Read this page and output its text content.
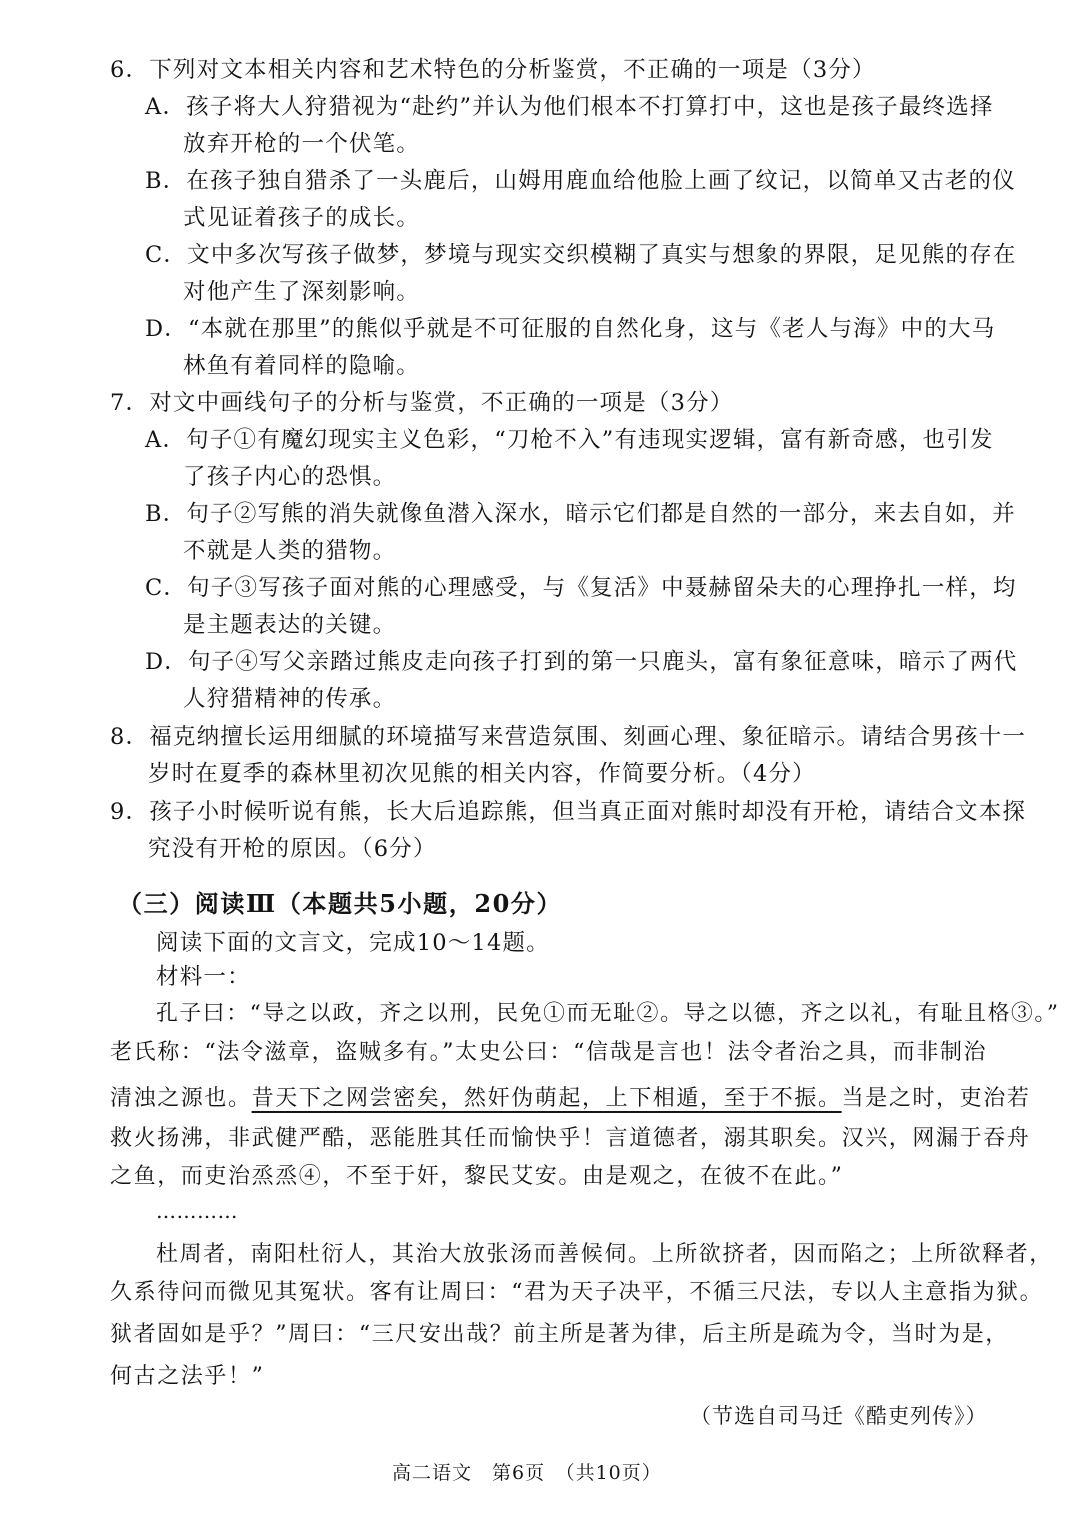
6．下列对文本相关内容和艺术特色的分析鉴赏，不正确的一项是（3分）
A．孩子将大人狩猎视为“赴约”并认为他们根本不打算打中，这也是孩子最终选择
放弃开枪的一个伏笔。
B．在孩子独自猎杀了一头鹿后，山姆用鹿血给他脸上画了纹记，以简单又古老的仪
式见证着孩子的成长。
C．文中多次写孩子做梦，梦境与现实交织模糊了真实与想象的界限，足见熊的存在
对他产生了深刻影响。
D．“本就在那里”的熊似乎就是不可征服的自然化身，这与《老人与海》中的大马
林鱼有着同样的隐喻。
7．对文中画线句子的分析与鉴赏，不正确的一项是（3分）
A．句子①有魔幻现实主义色彩，“刀枪不入”有违现实逻辑，富有新奇感，也引发
了孩子内心的恐惧。
B．句子②写熊的消失就像鱼潜入深水，暗示它们都是自然的一部分，来去自如，并
不就是人类的猎物。
C．句子③写孩子面对熊的心理感受，与《复活》中聂赫留朵夫的心理挣扎一样，均
是主题表达的关键。
D．句子④写父亲踏过熊皮走向孩子打到的第一只鹿头，富有象征意味，暗示了两代
人狩猎精神的传承。
8．福克纳擅长运用细腻的环境描写来营造氛围、刻画心理、象征暗示。请结合男孩十一
岁时在夏季的森林里初次见熊的相关内容，作简要分析。（4分）
9．孩子小时候听说有熊，长大后追踪熊，但当真正面对熊时却没有开枪，请结合文本探
究没有开枪的原因。（6分）
（三）阅读Ⅲ（本题共5小题，20分）
阅读下面的文言文，完成10～14题。
材料一：
孔子曰：“导之以政，齐之以刑，民免①而无耻②。导之以德，齐之以礼，有耻且格③。”
老氏称：“法令滋章，盗贼多有。”太史公曰：“信哉是言也！法令者治之具，而非制治
清浊之源也。昔天下之网尝密矣，然奸伪萌起，上下相遁，至于不振。当是之时，吏治若
救火扬沸，非武健严酷，恶能胜其任而愉快乎！言道德者，溺其职矣。汉兴，网漏于吞舟
之鱼，而吏治烝烝④，不至于奸，黎民艾安。由是观之，在彼不在此。”
…………
杜周者，南阳杜衍人，其治大放张汤而善候伺。上所欲挤者，因而陷之；上所欲释者，
久系待问而微见其冤状。客有让周曰：“君为天子决平，不循三尺法，专以人主意指为狱。
狱者固如是乎？”周曰：“三尺安出哉？前主所是著为律，后主所是疏为令，当时为是，
何古之法乎！”
（节选自司马迁《酷吏列传》）
高二语文　第6页　（共10页）
